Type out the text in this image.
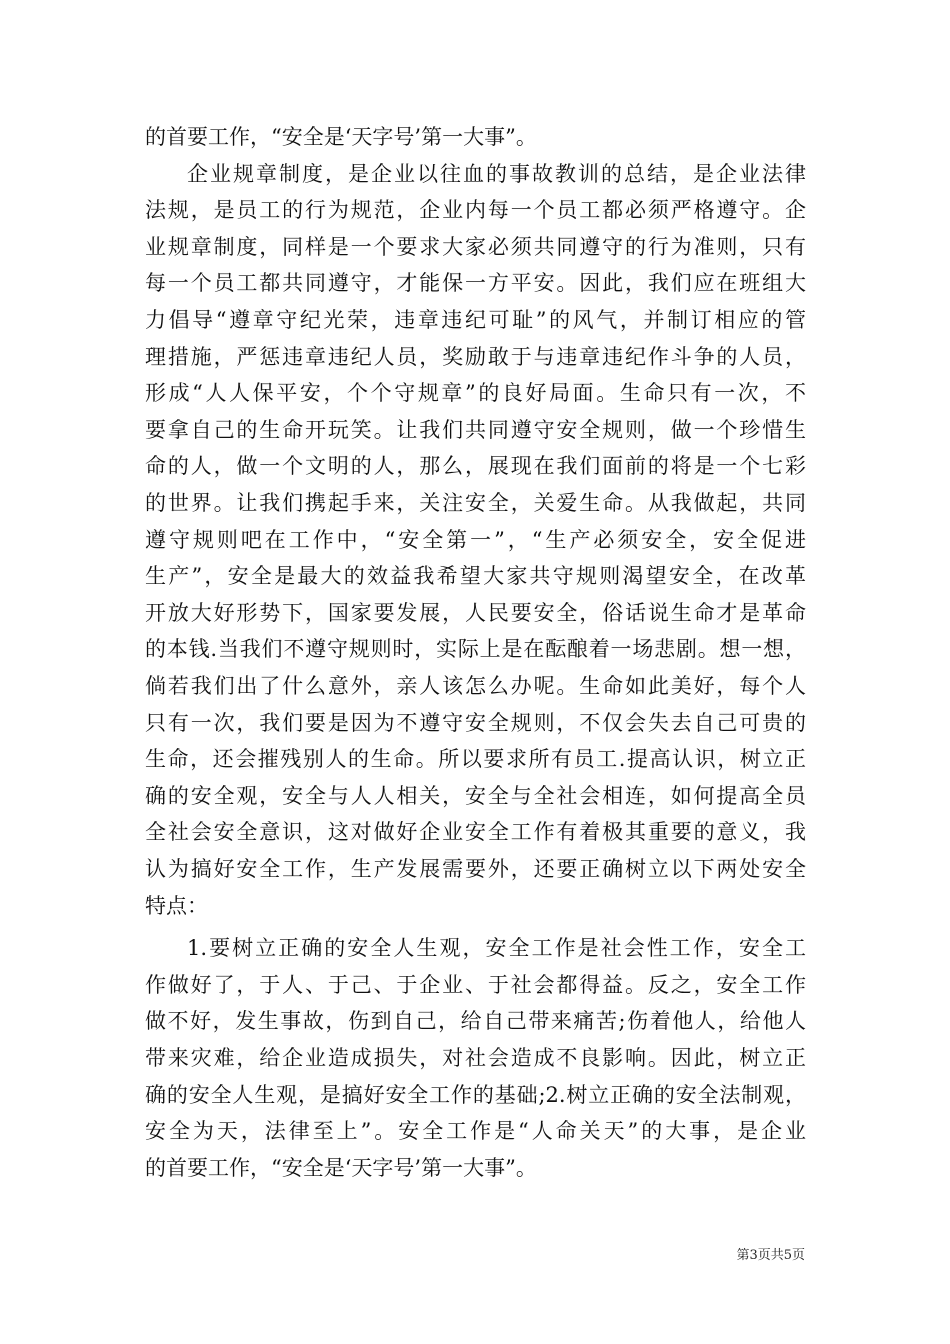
的首要工作，“安全是‘天字号’第一大事”。
企业规章制度，是企业以往血的事故教训的总结，是企业法律
法规，是员工的行为规范，企业内每一个员工都必须严格遵守。企
业规章制度，同样是一个要求大家必须共同遵守的行为准则，只有
每一个员工都共同遵守，才能保一方平安。因此，我们应在班组大
力倡导“遵章守纪光荣，违章违纪可耻”的风气，并制订相应的管
理措施，严惩违章违纪人员，奖励敢于与违章违纪作斗争的人员，
形成“人人保平安，个个守规章”的良好局面。生命只有一次，不
要拿自己的生命开玩笑。让我们共同遵守安全规则，做一个珍惜生
命的人，做一个文明的人，那么，展现在我们面前的将是一个七彩
的世界。让我们携起手来，关注安全，关爱生命。从我做起，共同
遵守规则吧在工作中，“安全第一”，“生产必须安全，安全促进
生产”，安全是最大的效益我希望大家共守规则渴望安全，在改革
开放大好形势下，国家要发展，人民要安全，俗话说生命才是革命
的本钱.当我们不遵守规则时，实际上是在酝酿着一场悲剧。想一想，
倘若我们出了什么意外，亲人该怎么办呢。生命如此美好，每个人
只有一次，我们要是因为不遵守安全规则，不仅会失去自己可贵的
生命，还会摧残别人的生命。所以要求所有员工.提高认识，树立正
确的安全观，安全与人人相关，安全与全社会相连，如何提高全员
全社会安全意识，这对做好企业安全工作有着极其重要的意义，我
认为搞好安全工作，生产发展需要外，还要正确树立以下两处安全
特点：
1.要树立正确的安全人生观，安全工作是社会性工作，安全工
作做好了，于人、于己、于企业、于社会都得益。反之，安全工作
做不好，发生事故，伤到自己，给自己带来痛苦;伤着他人，给他人
带来灾难，给企业造成损失，对社会造成不良影响。因此，树立正
确的安全人生观，是搞好安全工作的基础;2.树立正确的安全法制观，
安全为天，法律至上”。安全工作是“人命关天”的大事，是企业
的首要工作，“安全是‘天字号’第一大事”。
第3页共5页
